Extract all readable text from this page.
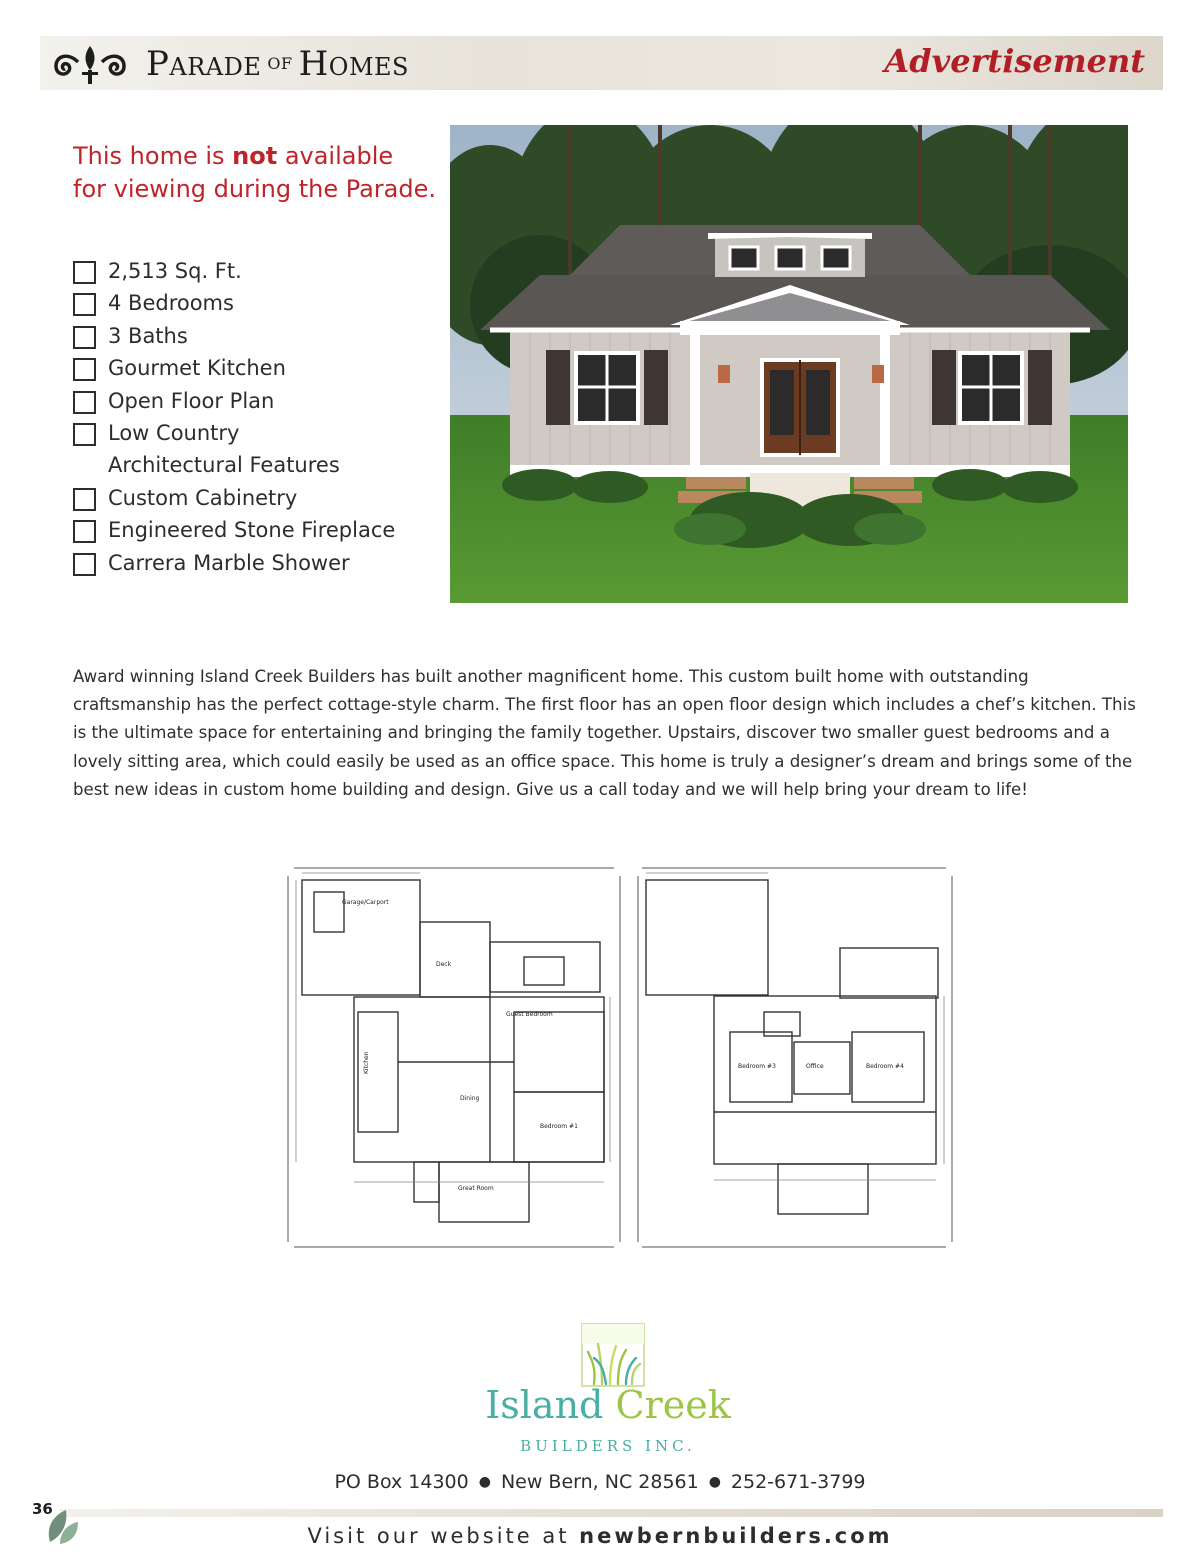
PARADE OF HOMES	Advertisement
This home is not available
for viewing during the Parade.
2,513 Sq. Ft.
4 Bedrooms
3 Baths
Gourmet Kitchen
Open Floor Plan
Low Country
Architectural Features
Custom Cabinetry
Engineered Stone Fireplace
Carrera Marble Shower

Award winning Island Creek Builders has built another magnificent home. This custom built home with outstanding craftsmanship has the perfect cottage-style charm. The first floor has an open floor design which includes a chef’s kitchen. This is the ultimate space for entertaining and bringing the family together. Upstairs, discover two smaller guest bedrooms and a lovely sitting area, which could easily be used as an office space. This home is truly a designer’s dream and brings some of the best new ideas in custom home building and design. Give us a call today and we will help bring your dream to life!

Garage/Carport
Deck
Guest Bedroom
Kitchen
Dining
Bedroom #1
Great Room
Bedroom #3	Office	Bedroom #4
Island Creek
BUILDERS INC.
PO Box 14300 ● New Bern, NC 28561 ● 252-671-3799
36
Visit our website at newbernbuilders.com
